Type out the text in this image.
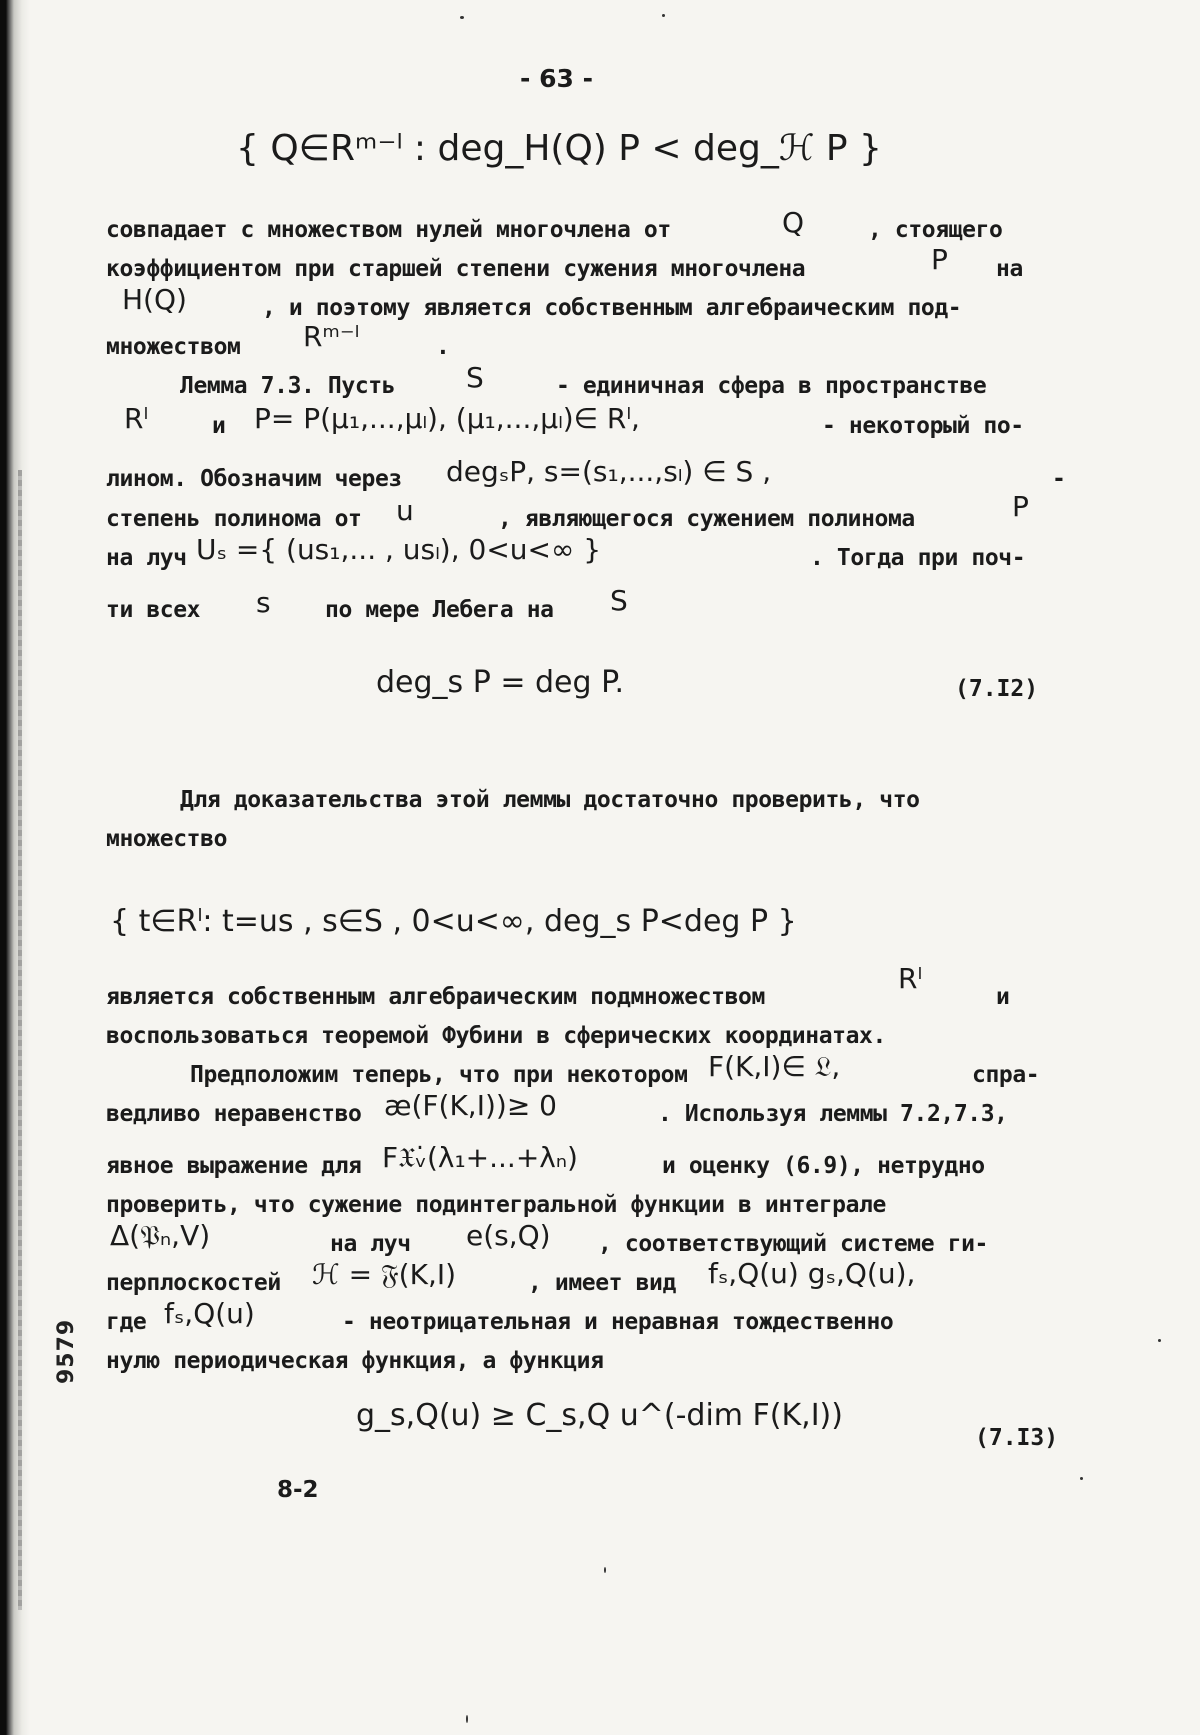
- 63 -
9579
{ Q∈Rᵐ⁻ˡ : deg_H(Q) P < deg_ℋ P }
совпадает с множеством нулей многочлена от	Q	, стоящего
коэффициентом при старшей степени сужения многочлена	P на
H(Q)	, и поэтому является собственным алгебраическим под-
множеством Rᵐ⁻ˡ	.
Лемма 7.3. Пусть	S	- единичная сфера в пространстве
Rˡ	и P= P(μ₁,...,μₗ), (μ₁,...,μₗ)∈ Rˡ,	- некоторый по-
лином. Обозначим через degₛP, s=(s₁,...,sₗ) ∈ S ,	-
степень полинома от u	, являющегося сужением полинома	P
на луч Uₛ ={ (us₁,... , usₗ), 0<u<∞ }	. Тогда при поч-
ти всех s по мере Лебега на S
deg_s P = deg P.	(7.I2)
Для доказательства этой леммы достаточно проверить, что
множество
{ t∈Rˡ: t=us , s∈S , 0<u<∞, deg_s P<deg P }
является собственным алгебраическим подмножеством
Rˡ
и
воспользоваться теоремой Фубини в сферических координатах.
Предположим теперь, что при некотором F(K,I)∈ 𝔏,	спра-
ведливо неравенство æ(F(K,I))≥ 0	. Используя леммы 7.2,7.3,
явное выражение для F𝔛ᵥ̇(λ₁+...+λₙ)	и оценку (6.9), нетрудно
проверить, что сужение подинтегральной функции в интеграле
Δ(𝔓ₙ,V)	на луч e(s,Q) , соответствующий системе ги-
перплоскостей ℋ = 𝔉(K,I)	, имеет вид fₛ,Q(u) gₛ,Q(u),
где fₛ,Q(u)	- неотрицательная и неравная тождественно
нулю периодическая функция, а функция
g_s,Q(u) ≥ C_s,Q u^(-dim F(K,I))
(7.I3)
8-2
